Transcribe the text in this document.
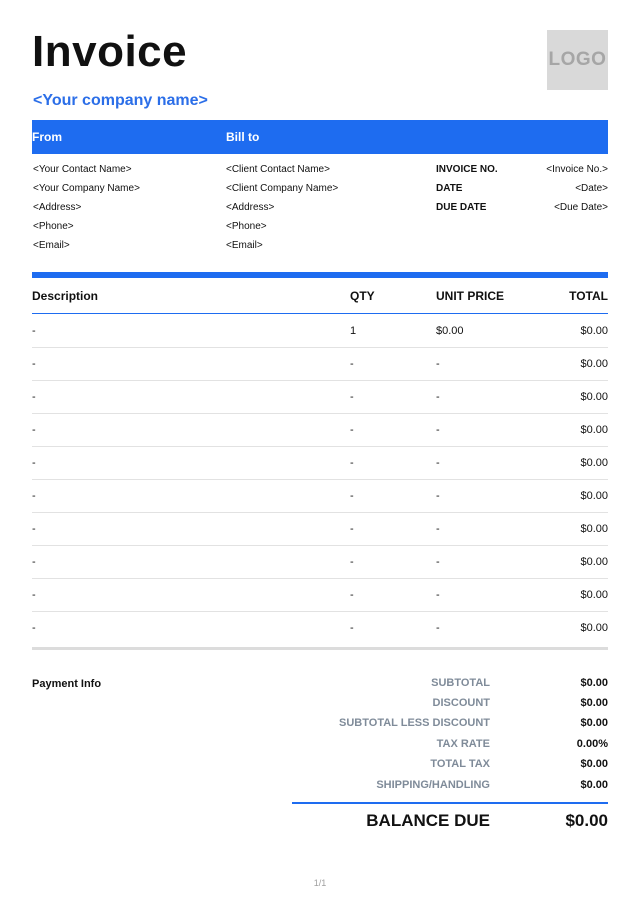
Invoice	LOGO
<Your company name>
From	Bill to
<Your Contact Name>
<Your Company Name>
<Address>
<Phone>
<Email>
<Client Contact Name>
<Client Company Name>
<Address>
<Phone>
<Email>
INVOICE NO.	<Invoice No.>
DATE	<Date>
DUE DATE	<Due Date>
Description	QTY	UNIT PRICE	TOTAL
-	1	$0.00	$0.00
-	-	-	$0.00
-	-	-	$0.00
-	-	-	$0.00
-	-	-	$0.00
-	-	-	$0.00
-	-	-	$0.00
-	-	-	$0.00
-	-	-	$0.00
-	-	-	$0.00
Payment Info	SUBTOTAL	$0.00
DISCOUNT	$0.00
SUBTOTAL LESS DISCOUNT	$0.00
TAX RATE	0.00%
TOTAL TAX	$0.00
SHIPPING/HANDLING	$0.00
BALANCE DUE	$0.00
1/1
